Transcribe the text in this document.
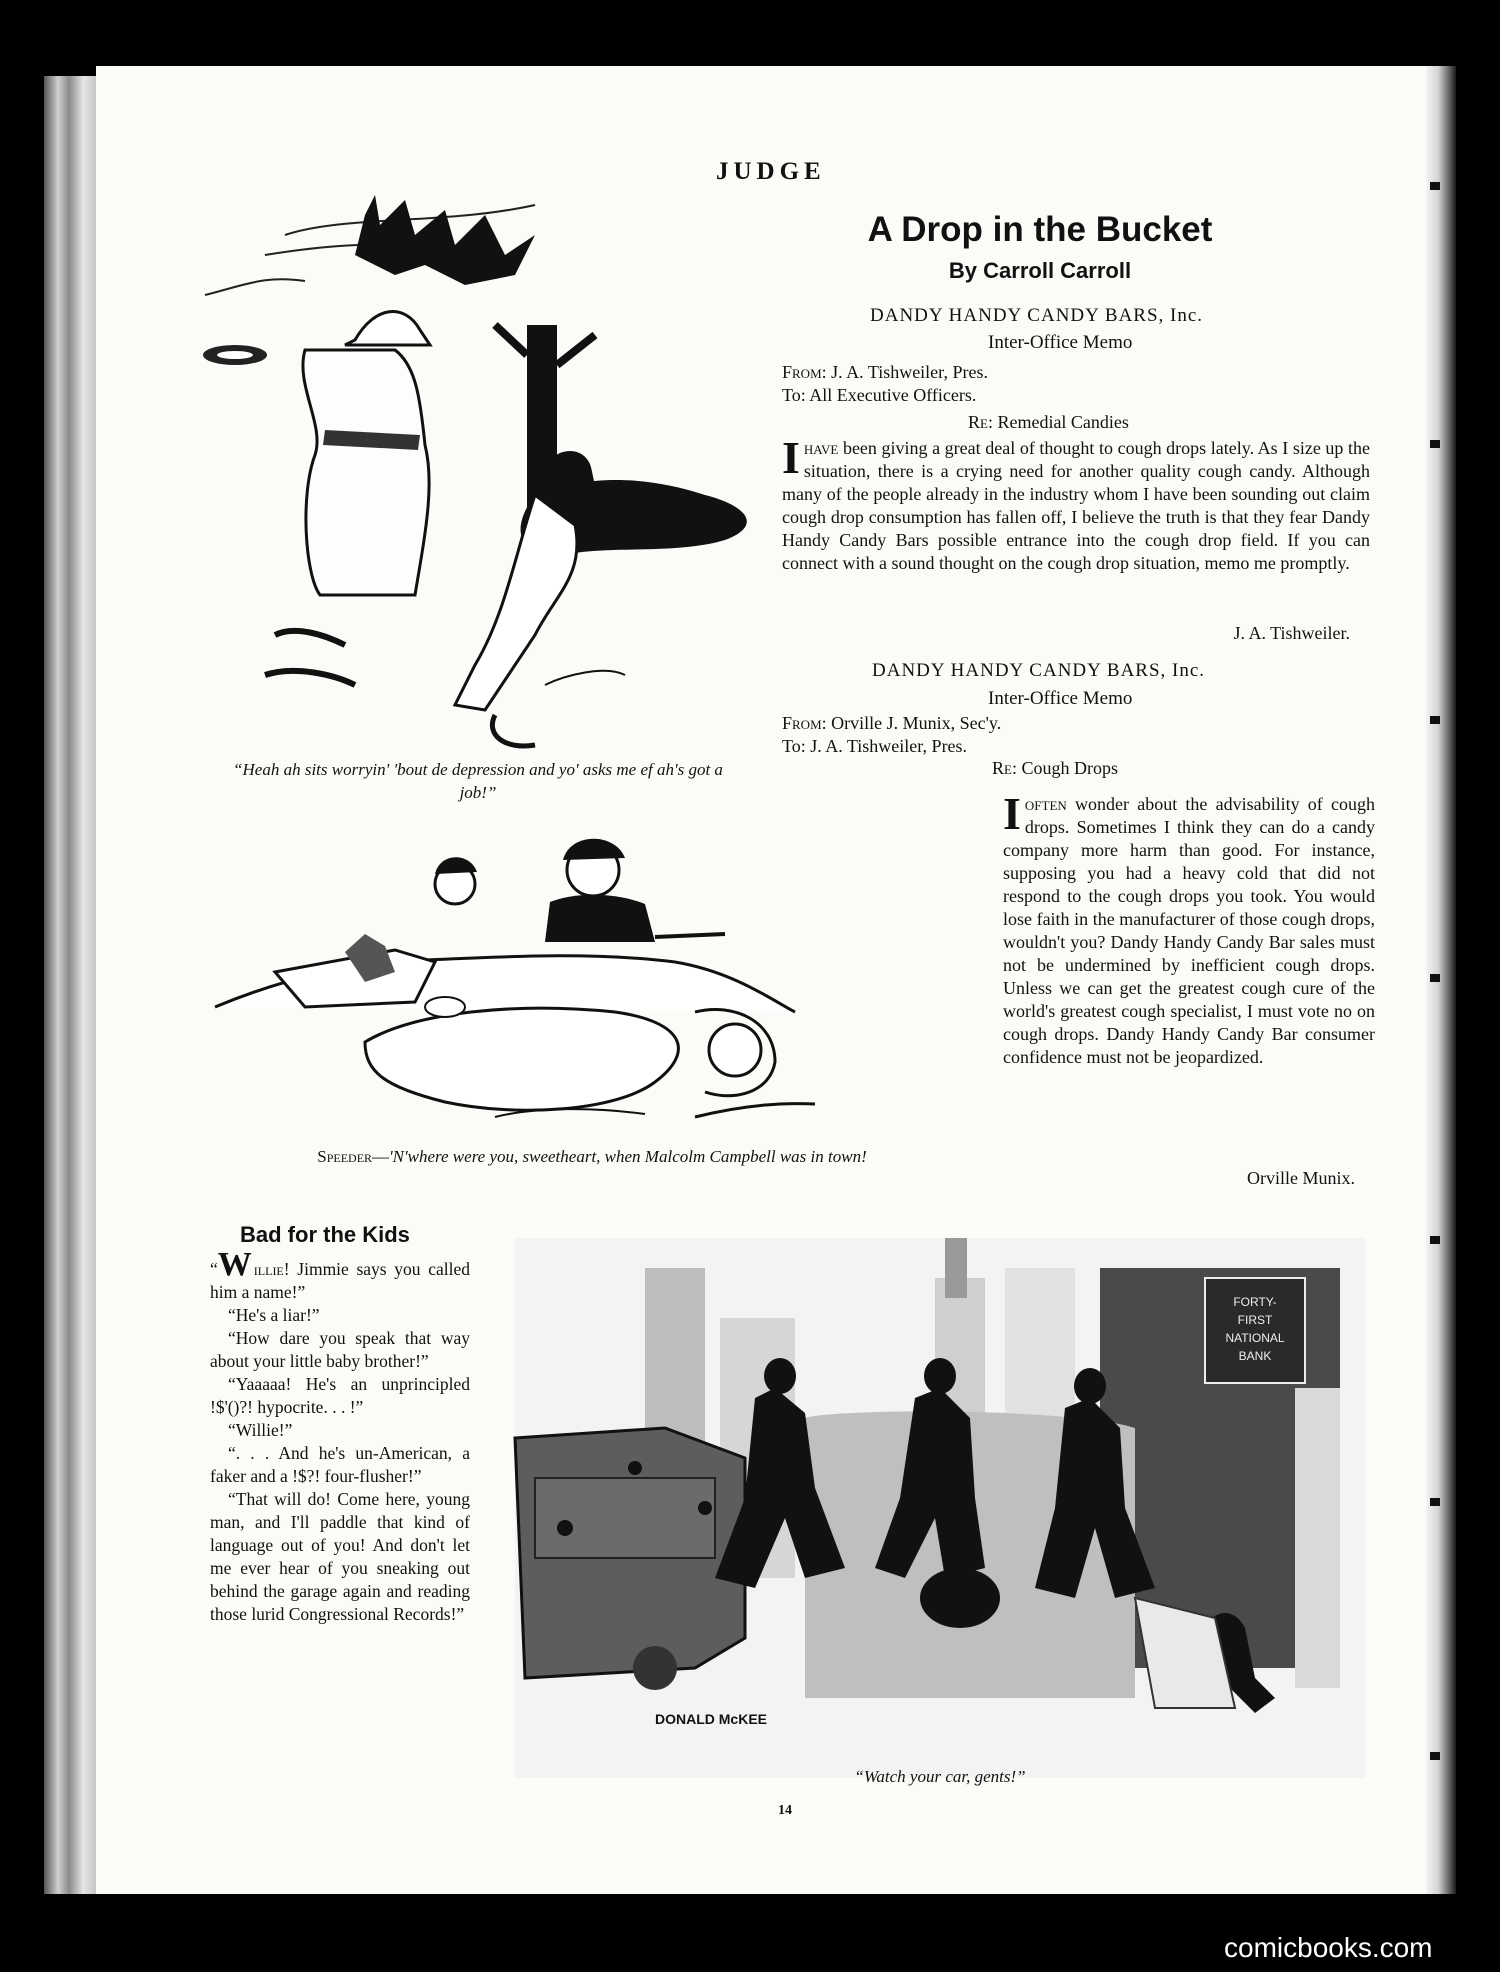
JUDGE
“Heah ah sits worryin' 'bout de depression and yo' asks me ef ah's got a job!”
Speeder—'N'where were you, sweetheart, when Malcolm Campbell was in town!
A Drop in the Bucket
By Carroll Carroll
DANDY HANDY CANDY BARS, Inc.
Inter-Office Memo
From: J. A. Tishweiler, Pres.
To: All Executive Officers.
Re: Remedial Candies
Ihave been giving a great deal of thought to cough drops lately. As I size up the situation, there is a crying need for another quality cough candy. Although many of the people already in the industry whom I have been sounding out claim cough drop consumption has fallen off, I believe the truth is that they fear Dandy Handy Candy Bars possible entrance into the cough drop field. If you can connect with a sound thought on the cough drop situation, memo me promptly.
J. A. Tishweiler.
DANDY HANDY CANDY BARS, Inc.
Inter-Office Memo
From: Orville J. Munix, Sec'y.
To: J. A. Tishweiler, Pres.
Re: Cough Drops
Ioften wonder about the advisability of cough drops. Sometimes I think they can do a candy company more harm than good. For instance, supposing you had a heavy cold that did not respond to the cough drops you took. You would lose faith in the manufacturer of those cough drops, wouldn't you? Dandy Handy Candy Bar sales must not be undermined by inefficient cough drops. Unless we can get the greatest cough cure of the world's greatest cough specialist, I must vote no on cough drops. Dandy Handy Candy Bar consumer confidence must not be jeopardized.
Orville Munix.
Bad for the Kids

“W illie! Jimmie says you called him a name!”

“He's a liar!”

“How dare you speak that way about your little baby brother!”

“Yaaaaa! He's an unprincipled !$'()?! hypocrite. . . !”

“Willie!”

“. . . And he's un-American, a faker and a !$?! four-flusher!”

“That will do! Come here, young man, and I'll paddle that kind of language out of you! And don't let me ever hear of you sneaking out behind the garage again and reading those lurid Congressional Records!”

FORTY-
FIRST
NATIONAL
BANK
DONALD McKEE
“Watch your car, gents!”
14
comicbooks.com
